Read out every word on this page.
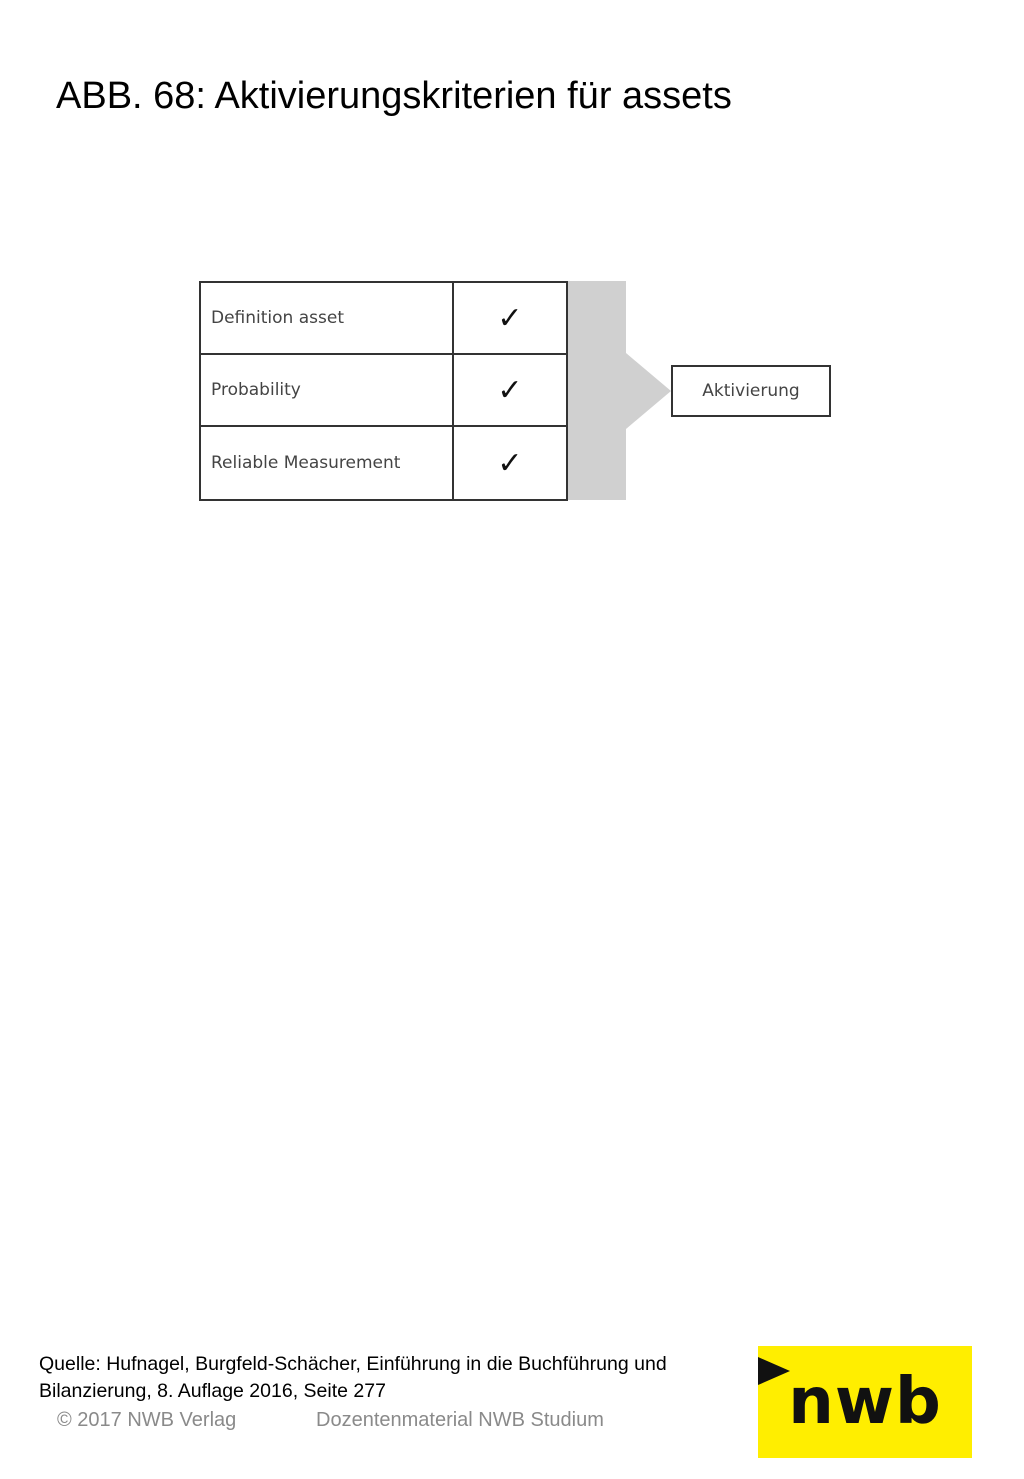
ABB. 68: Aktivierungskriterien für assets
Definition asset	✓
Probability	✓
Reliable Measurement	✓
Aktivierung
Quelle: Hufnagel, Burgfeld-Schächer, Einführung in die Buchführung und
Bilanzierung, 8. Auflage 2016, Seite 277
© 2017 NWB Verlag	Dozentenmaterial NWB Studium	nwb
